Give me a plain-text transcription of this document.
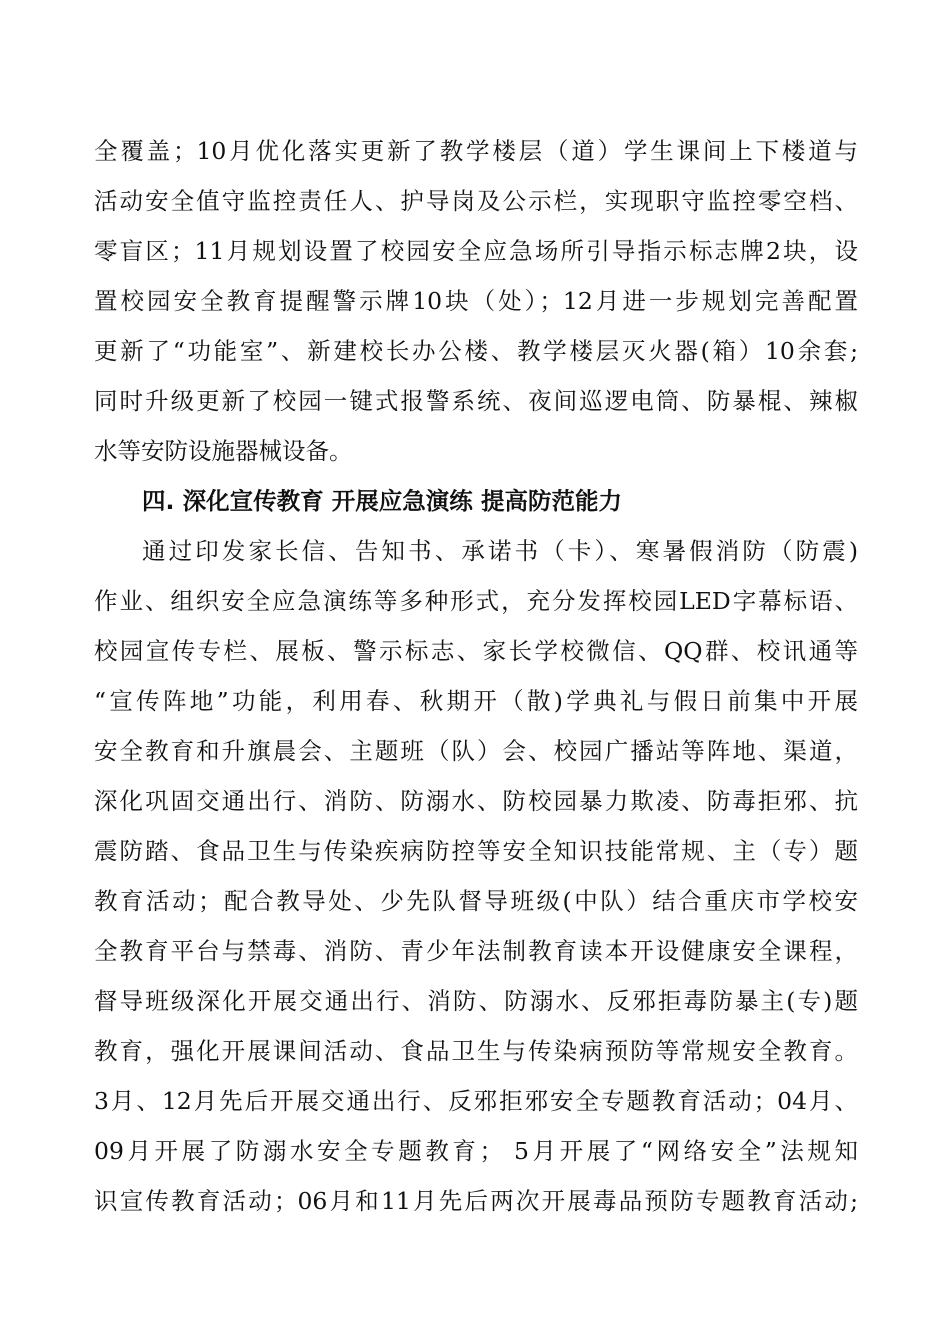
全覆盖；10月优化落实更新了教学楼层（道）学生课间上下楼道与
活动安全值守监控责任人、护导岗及公示栏，实现职守监控零空档、
零盲区；11月规划设置了校园安全应急场所引导指示标志牌2块，设
置校园安全教育提醒警示牌10块（处）；12月进一步规划完善配置
更新了“功能室”、新建校长办公楼、教学楼层灭火器(箱）10余套;
同时升级更新了校园一键式报警系统、夜间巡逻电筒、防暴棍、辣椒
水等安防设施器械设备。
四. 深化宣传教育 开展应急演练 提高防范能力
通过印发家长信、告知书、承诺书（卡）、寒暑假消防（防震)
作业、组织安全应急演练等多种形式，充分发挥校园LED字幕标语、
校园宣传专栏、展板、警示标志、家长学校微信、QQ群、校讯通等
“宣传阵地”功能，利用春、秋期开（散)学典礼与假日前集中开展
安全教育和升旗晨会、主题班（队）会、校园广播站等阵地、渠道，
深化巩固交通出行、消防、防溺水、防校园暴力欺凌、防毒拒邪、抗
震防踏、食品卫生与传染疾病防控等安全知识技能常规、主（专）题
教育活动；配合教导处、少先队督导班级(中队）结合重庆市学校安
全教育平台与禁毒、消防、青少年法制教育读本开设健康安全课程，
督导班级深化开展交通出行、消防、防溺水、反邪拒毒防暴主(专)题
教育，强化开展课间活动、食品卫生与传染病预防等常规安全教育。
3月、12月先后开展交通出行、反邪拒邪安全专题教育活动；04月、
09月开展了防溺水安全专题教育； 5月开展了“网络安全”法规知
识宣传教育活动；06月和11月先后两次开展毒品预防专题教育活动;
